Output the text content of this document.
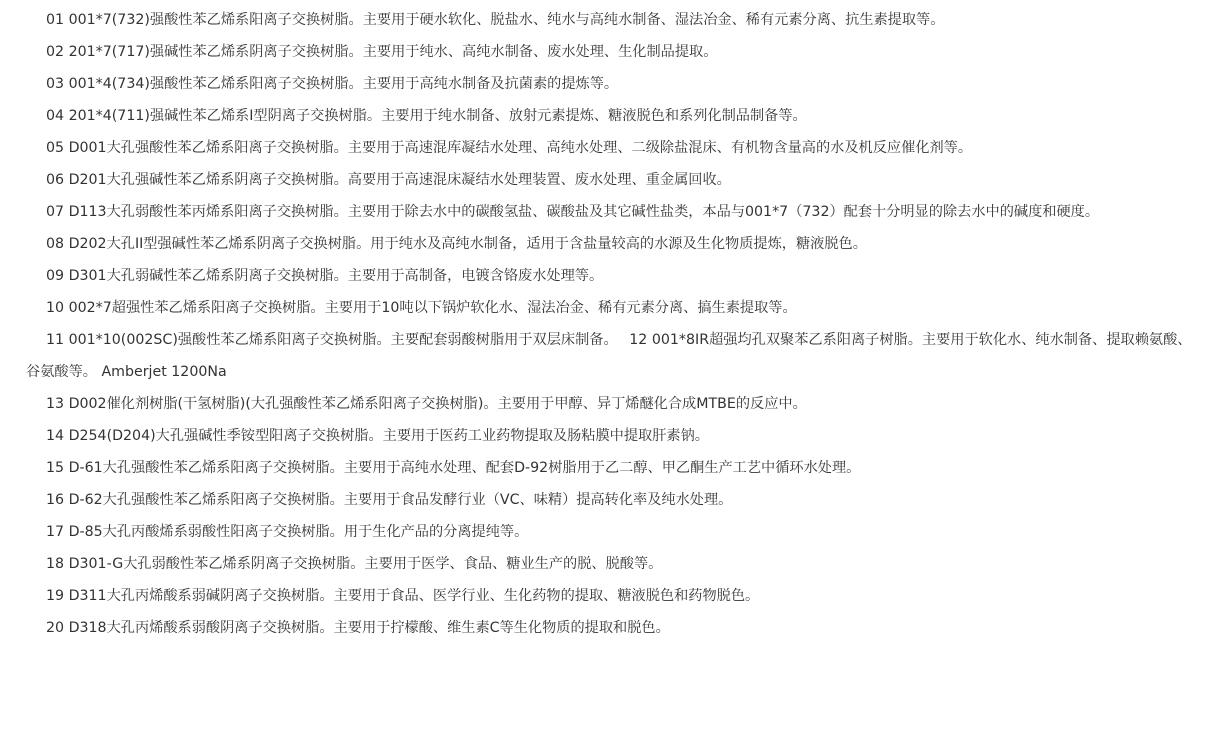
01 001*7(732)强酸性苯乙烯系阳离子交换树脂。主要用于硬水软化、脱盐水、纯水与高纯水制备、湿法冶金、稀有元素分离、抗生素提取等。

02 201*7(717)强碱性苯乙烯系阴离子交换树脂。主要用于纯水、高纯水制备、废水处理、生化制品提取。

03 001*4(734)强酸性苯乙烯系阳离子交换树脂。主要用于高纯水制备及抗菌素的提炼等。

04 201*4(711)强碱性苯乙烯系I型阴离子交换树脂。主要用于纯水制备、放射元素提炼、糖液脱色和系列化制品制备等。

05 D001大孔强酸性苯乙烯系阳离子交换树脂。主要用于高速混库凝结水处理、高纯水处理、二级除盐混床、有机物含量高的水及机反应催化剂等。

06 D201大孔强碱性苯乙烯系阴离子交换树脂。高要用于高速混床凝结水处理装置、废水处理、重金属回收。

07 D113大孔弱酸性苯丙烯系阳离子交换树脂。主要用于除去水中的碳酸氢盐、碳酸盐及其它碱性盐类，本品与001*7（732）配套十分明显的除去水中的碱度和硬度。

08 D202大孔II型强碱性苯乙烯系阴离子交换树脂。用于纯水及高纯水制备，适用于含盐量较高的水源及生化物质提炼，糖液脱色。

09 D301大孔弱碱性苯乙烯系阴离子交换树脂。主要用于高制备，电镀含铬废水处理等。

10 002*7超强性苯乙烯系阳离子交换树脂。主要用于10吨以下锅炉软化水、湿法冶金、稀有元素分离、搞生素提取等。

11 001*10(002SC)强酸性苯乙烯系阳离子交换树脂。主要配套弱酸树脂用于双层床制备。　 12 001*8IR超强均孔双聚苯乙系阳离子树脂。主要用于软化水、纯水制备、提取赖氨酸、谷氨酸等。 Amberjet 1200Na

13 D002催化剂树脂(干氢树脂)(大孔强酸性苯乙烯系阳离子交换树脂)。主要用于甲醇、异丁烯醚化合成MTBE的反应中。

14 D254(D204)大孔强碱性季铵型阳离子交换树脂。主要用于医药工业药物提取及肠粘膜中提取肝素钠。

15 D-61大孔强酸性苯乙烯系阳离子交换树脂。主要用于高纯水处理、配套D-92树脂用于乙二醇、甲乙酮生产工艺中循环水处理。

16 D-62大孔强酸性苯乙烯系阳离子交换树脂。主要用于食品发酵行业（VC、味精）提高转化率及纯水处理。

17 D-85大孔丙酸烯系弱酸性阳离子交换树脂。用于生化产品的分离提纯等。

18 D301-G大孔弱酸性苯乙烯系阴离子交换树脂。主要用于医学、食品、糖业生产的脱、脱酸等。

19 D311大孔丙烯酸系弱碱阴离子交换树脂。主要用于食品、医学行业、生化药物的提取、糖液脱色和药物脱色。

20 D318大孔丙烯酸系弱酸阴离子交换树脂。主要用于拧檬酸、维生素C等生化物质的提取和脱色。
